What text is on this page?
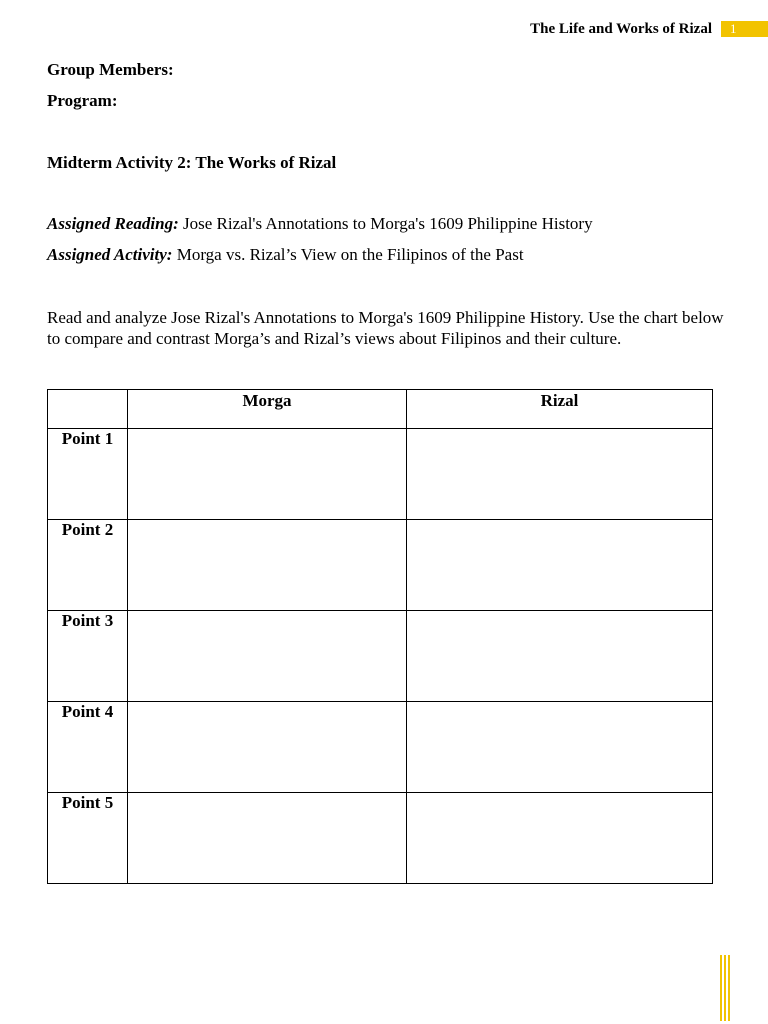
The Life and Works of Rizal	1
Group Members:
Program:
Midterm Activity 2: The Works of Rizal
Assigned Reading: Jose Rizal's Annotations to Morga's 1609 Philippine History
Assigned Activity: Morga vs. Rizal’s View on the Filipinos of the Past
Read and analyze Jose Rizal's Annotations to Morga's 1609 Philippine History. Use the chart below to compare and contrast Morga’s and Rizal’s views about Filipinos and their culture.
	Morga	Rizal
Point 1		
Point 2		
Point 3		
Point 4		
Point 5		
